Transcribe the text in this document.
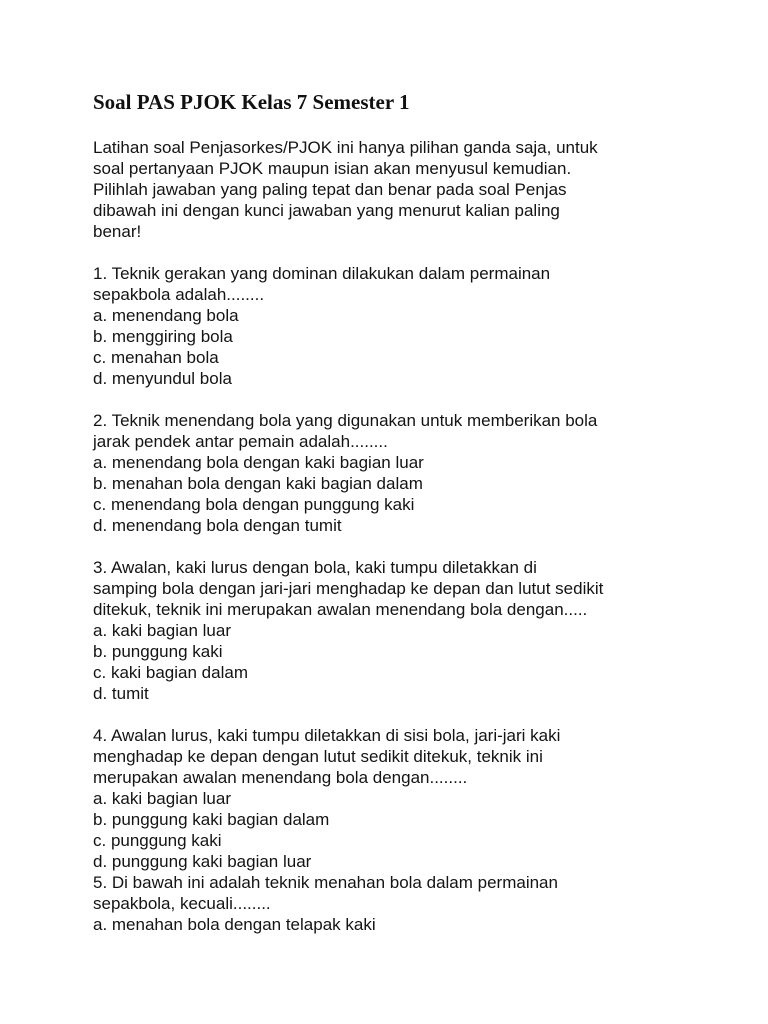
Soal PAS PJOK Kelas 7 Semester 1
Latihan soal Penjasorkes/PJOK ini hanya pilihan ganda saja, untuk
soal pertanyaan PJOK maupun isian akan menyusul kemudian.
Pilihlah jawaban yang paling tepat dan benar pada soal Penjas
dibawah ini dengan kunci jawaban yang menurut kalian paling
benar!
1. Teknik gerakan yang dominan dilakukan dalam permainan
sepakbola adalah........
a. menendang bola
b. menggiring bola
c. menahan bola
d. menyundul bola
2. Teknik menendang bola yang digunakan untuk memberikan bola
jarak pendek antar pemain adalah........
a. menendang bola dengan kaki bagian luar
b. menahan bola dengan kaki bagian dalam
c. menendang bola dengan punggung kaki
d. menendang bola dengan tumit
3. Awalan, kaki lurus dengan bola, kaki tumpu diletakkan di
samping bola dengan jari-jari menghadap ke depan dan lutut sedikit
ditekuk, teknik ini merupakan awalan menendang bola dengan.....
a. kaki bagian luar
b. punggung kaki
c. kaki bagian dalam
d. tumit
4. Awalan lurus, kaki tumpu diletakkan di sisi bola, jari-jari kaki
menghadap ke depan dengan lutut sedikit ditekuk, teknik ini
merupakan awalan menendang bola dengan........
a. kaki bagian luar
b. punggung kaki bagian dalam
c. punggung kaki
d. punggung kaki bagian luar
5. Di bawah ini adalah teknik menahan bola dalam permainan
sepakbola, kecuali........
a. menahan bola dengan telapak kaki
